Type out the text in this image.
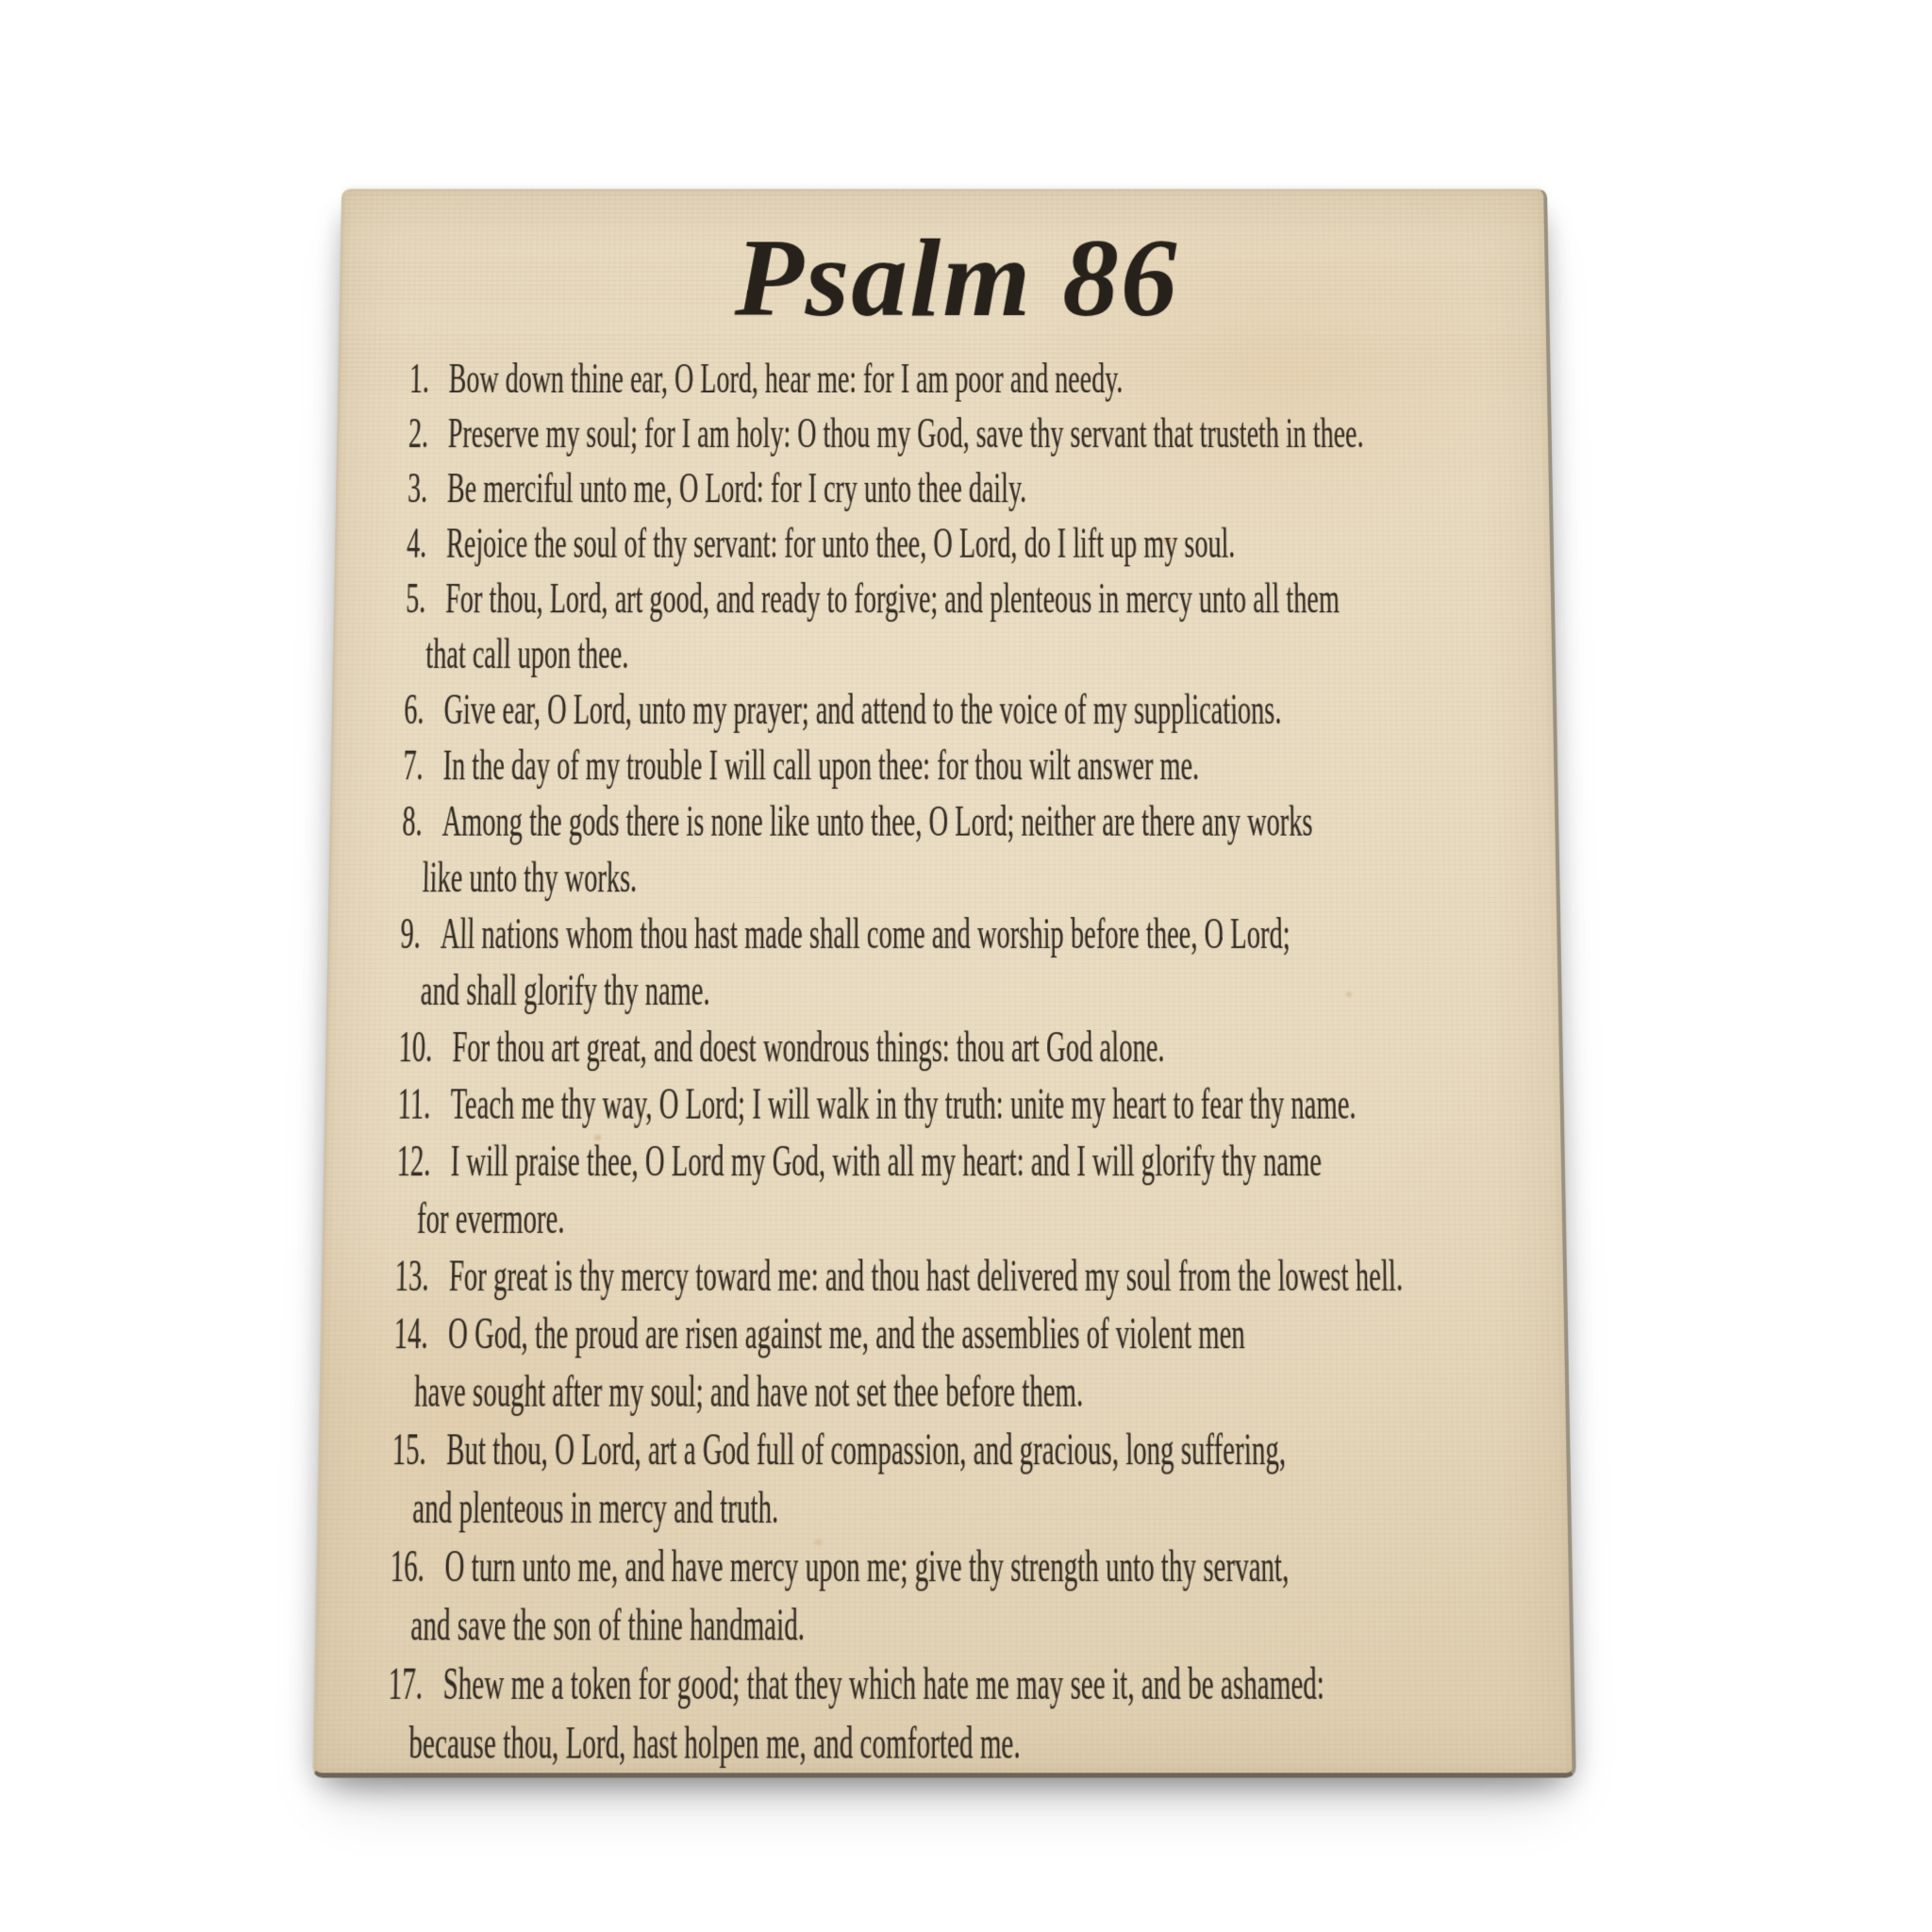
Psalm 86
1. Bow down thine ear, O Lord, hear me: for I am poor and needy.
2. Preserve my soul; for I am holy: O thou my God, save thy servant that trusteth in thee.
3. Be merciful unto me, O Lord: for I cry unto thee daily.
4. Rejoice the soul of thy servant: for unto thee, O Lord, do I lift up my soul.
5. For thou, Lord, art good, and ready to forgive; and plenteous in mercy unto all them
that call upon thee.
6. Give ear, O Lord, unto my prayer; and attend to the voice of my supplications.
7. In the day of my trouble I will call upon thee: for thou wilt answer me.
8. Among the gods there is none like unto thee, O Lord; neither are there any works
like unto thy works.
9. All nations whom thou hast made shall come and worship before thee, O Lord;
and shall glorify thy name.
10. For thou art great, and doest wondrous things: thou art God alone.
11. Teach me thy way, O Lord; I will walk in thy truth: unite my heart to fear thy name.
12. I will praise thee, O Lord my God, with all my heart: and I will glorify thy name
for evermore.
13. For great is thy mercy toward me: and thou hast delivered my soul from the lowest hell.
14. O God, the proud are risen against me, and the assemblies of violent men
have sought after my soul; and have not set thee before them.
15. But thou, O Lord, art a God full of compassion, and gracious, long suffering,
and plenteous in mercy and truth.
16. O turn unto me, and have mercy upon me; give thy strength unto thy servant,
and save the son of thine handmaid.
17. Shew me a token for good; that they which hate me may see it, and be ashamed:
because thou, Lord, hast holpen me, and comforted me.
